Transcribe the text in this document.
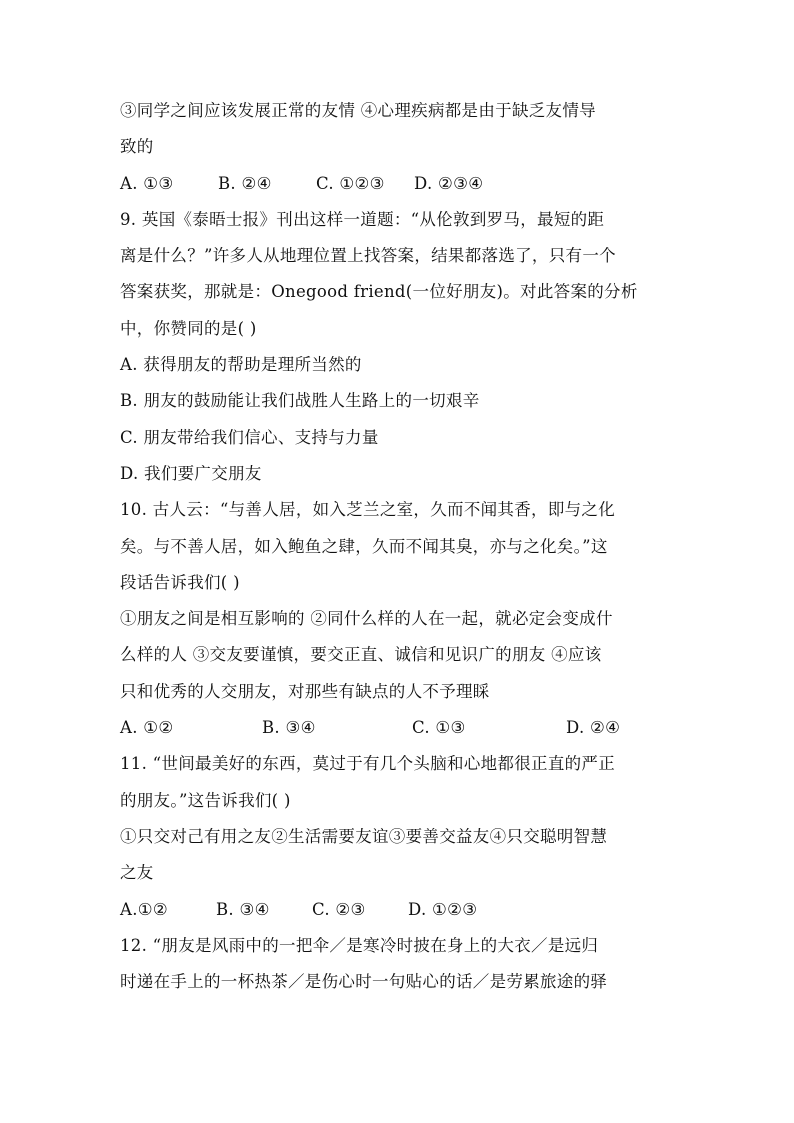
③同学之间应该发展正常的友情 ④心理疾病都是由于缺乏友情导
致的
A. ①③	B. ②④	C. ①②③	D. ②③④
9. 英国《泰晤士报》刊出这样一道题：“从伦敦到罗马，最短的距
离是什么？”许多人从地理位置上找答案，结果都落选了，只有一个
答案获奖，那就是：Onegood friend(一位好朋友)。对此答案的分析
中，你赞同的是( )
A. 获得朋友的帮助是理所当然的
B. 朋友的鼓励能让我们战胜人生路上的一切艰辛
C. 朋友带给我们信心、支持与力量
D. 我们要广交朋友
10. 古人云：“与善人居，如入芝兰之室，久而不闻其香，即与之化
矣。与不善人居，如入鲍鱼之肆，久而不闻其臭，亦与之化矣。”这
段话告诉我们( )
①朋友之间是相互影响的 ②同什么样的人在一起，就必定会变成什
么样的人 ③交友要谨慎，要交正直、诚信和见识广的朋友 ④应该
只和优秀的人交朋友，对那些有缺点的人不予理睬
A. ①②	B. ③④	C. ①③	D. ②④
11. “世间最美好的东西，莫过于有几个头脑和心地都很正直的严正
的朋友。”这告诉我们( )
①只交对己有用之友②生活需要友谊③要善交益友④只交聪明智慧
之友
A.①②	B. ③④	C. ②③	D. ①②③
12. “朋友是风雨中的一把伞／是寒冷时披在身上的大衣／是远归
时递在手上的一杯热茶／是伤心时一句贴心的话／是劳累旅途的驿
